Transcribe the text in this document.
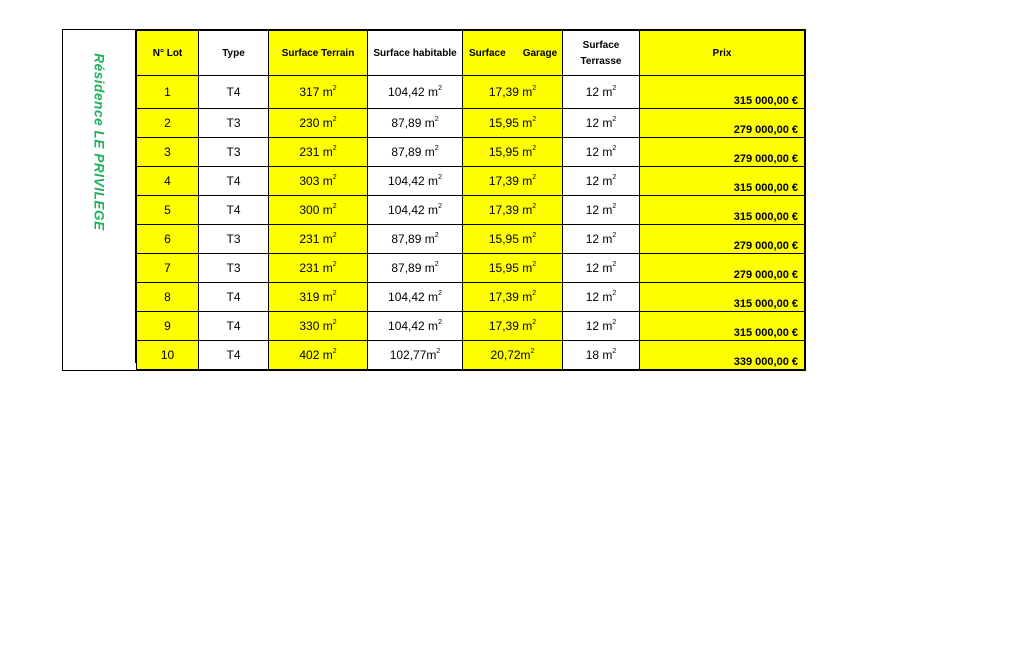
Résidence LE PRIVILEGE	N° Lot	Type	Surface Terrain	Surface habitable	Surface Garage	Surface
Terrasse	Prix
1	T4	317 $m^2$	104,42 $m^2$	17,39 $m^2$	12 $m^2$	315 000,00 €
2	T3	230 $m^2$	87,89 $m^2$	15,95 $m^2$	12 $m^2$	279 000,00 €
3	T3	231 $m^2$	87,89 $m^2$	15,95 $m^2$	12 $m^2$	279 000,00 €
4	T4	303 $m^2$	104,42 $m^2$	17,39 $m^2$	12 $m^2$	315 000,00 €
5	T4	300 $m^2$	104,42 $m^2$	17,39 $m^2$	12 $m^2$	315 000,00 €
6	T3	231 $m^2$	87,89 $m^2$	15,95 $m^2$	12 $m^2$	279 000,00 €
7	T3	231 $m^2$	87,89 $m^2$	15,95 $m^2$	12 $m^2$	279 000,00 €
8	T4	319 $m^2$	104,42 $m^2$	17,39 $m^2$	12 $m^2$	315 000,00 €
9	T4	330 $m^2$	104,42 $m^2$	17,39 $m^2$	12 $m^2$	315 000,00 €
10	T4	402 $m^2$	$102,77m^2$	$20,72m^2$	18 $m^2$	339 000,00 €
